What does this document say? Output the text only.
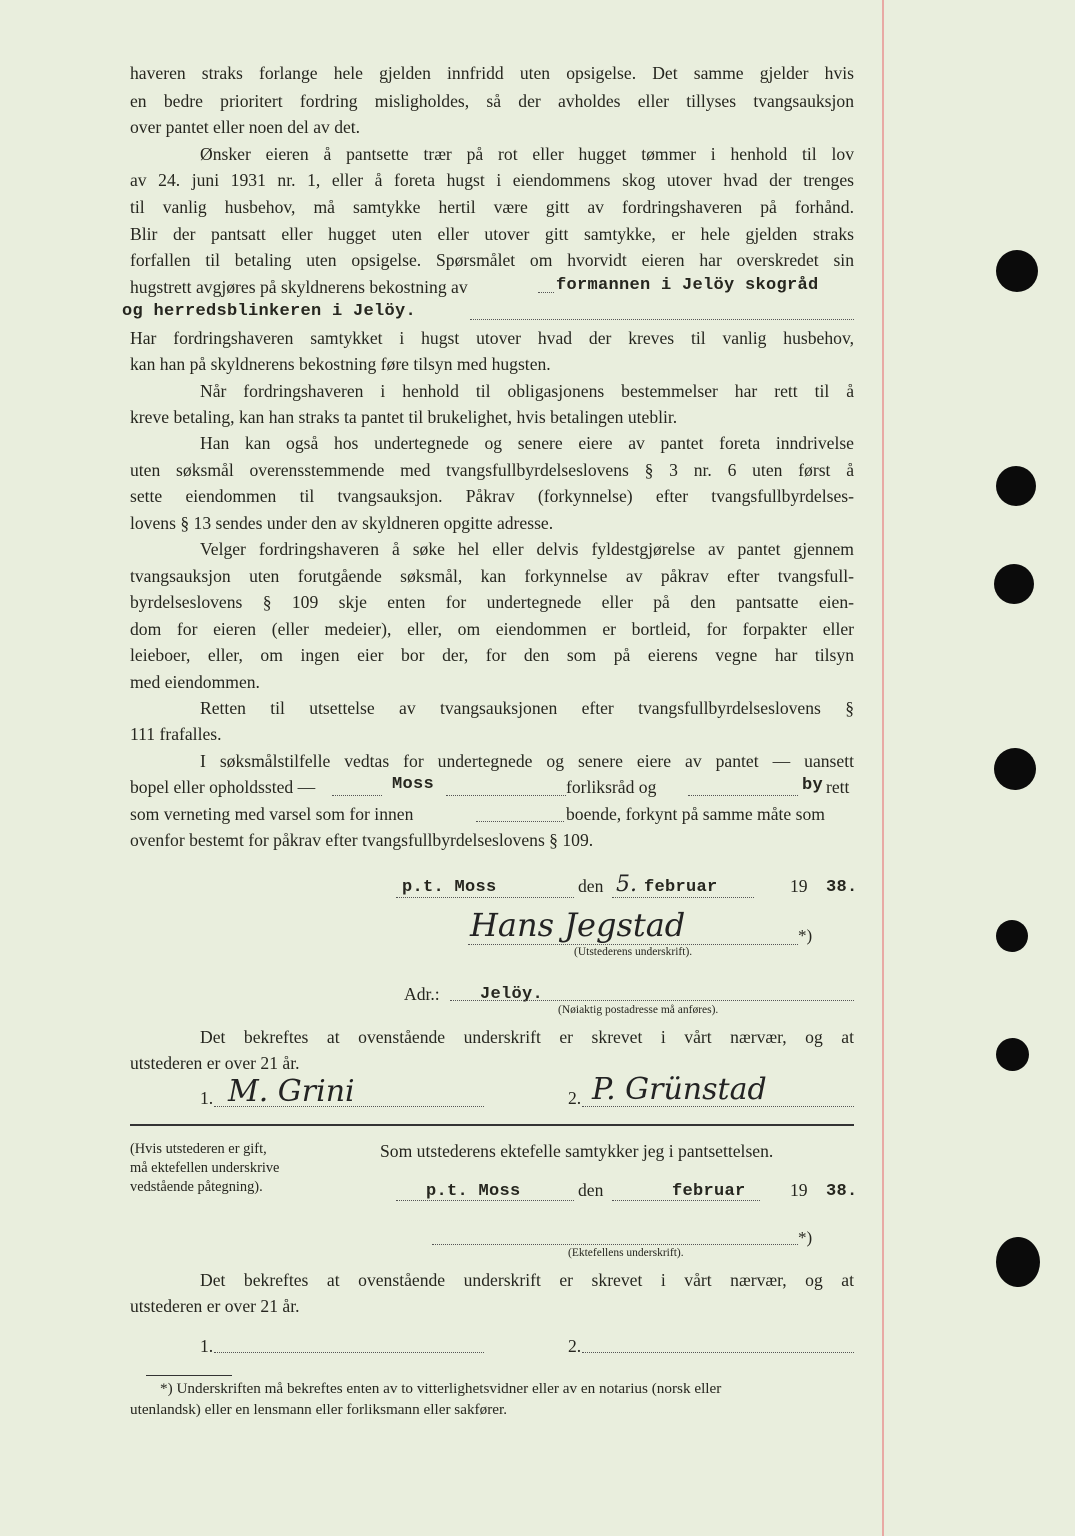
haveren straks forlange hele gjelden innfridd uten opsigelse. Det samme gjelder hvis
en bedre prioritert fordring misligholdes, så der avholdes eller tillyses tvangsauksjon
over pantet eller noen del av det.
Ønsker eieren å pantsette trær på rot eller hugget tømmer i henhold til lov
av 24. juni 1931 nr. 1, eller å foreta hugst i eiendommens skog utover hvad der trenges
til vanlig husbehov, må samtykke hertil være gitt av fordringshaveren på forhånd.
Blir der pantsatt eller hugget uten eller utover gitt samtykke, er hele gjelden straks
forfallen til betaling uten opsigelse. Spørsmålet om hvorvidt eieren har overskredet sin
hugstrett avgjøres på skyldnerens bekostning av	formannen i Jelöy skogråd
og herredsblinkeren i Jelöy.
Har fordringshaveren samtykket i hugst utover hvad der kreves til vanlig husbehov,
kan han på skyldnerens bekostning føre tilsyn med hugsten.
Når fordringshaveren i henhold til obligasjonens bestemmelser har rett til å
kreve betaling, kan han straks ta pantet til brukelighet, hvis betalingen uteblir.
Han kan også hos undertegnede og senere eiere av pantet foreta inndrivelse
uten søksmål overensstemmende med tvangsfullbyrdelseslovens § 3 nr. 6 uten først å
sette eiendommen til tvangsauksjon. Påkrav (forkynnelse) efter tvangsfullbyrdelses-
lovens § 13 sendes under den av skyldneren opgitte adresse.
Velger fordringshaveren å søke hel eller delvis fyldestgjørelse av pantet gjennem
tvangsauksjon uten forutgående søksmål, kan forkynnelse av påkrav efter tvangsfull-
byrdelseslovens § 109 skje enten for undertegnede eller på den pantsatte eien-
dom for eieren (eller medeier), eller, om eiendommen er bortleid, for forpakter eller
leieboer, eller, om ingen eier bor der, for den som på eierens vegne har tilsyn
med eiendommen.
Retten til utsettelse av tvangsauksjonen efter tvangsfullbyrdelseslovens §
111 frafalles.
I søksmålstilfelle vedtas for undertegnede og senere eiere av pantet — uansett
bopel eller opholdssted —	Moss	forliksråd og	by rett
som verneting med varsel som for innen	boende, forkynt på samme måte som
ovenfor bestemt for påkrav efter tvangsfullbyrdelseslovens § 109.
p.t. Moss	den 5. februar	19 38.
Hans Jegstad	*)
(Utstederens underskrift).
Adr.: Jelöy.
(Nøiaktig postadresse må anføres).
Det bekreftes at ovenstående underskrift er skrevet i vårt nærvær, og at
utstederen er over 21 år.
1. M. Grini	2. P. Grünstad
(Hvis utstederen er gift,
må ektefellen underskrive
vedstående påtegning).
Som utstederens ektefelle samtykker jeg i pantsettelsen.
p.t. Moss	den	februar	19 38.
*)
(Ektefellens underskrift).
Det bekreftes at ovenstående underskrift er skrevet i vårt nærvær, og at
utstederen er over 21 år.
1.	2.
*) Underskriften må bekreftes enten av to vitterlighetsvidner eller av en notarius (norsk eller
utenlandsk) eller en lensmann eller forliksmann eller sakfører.
